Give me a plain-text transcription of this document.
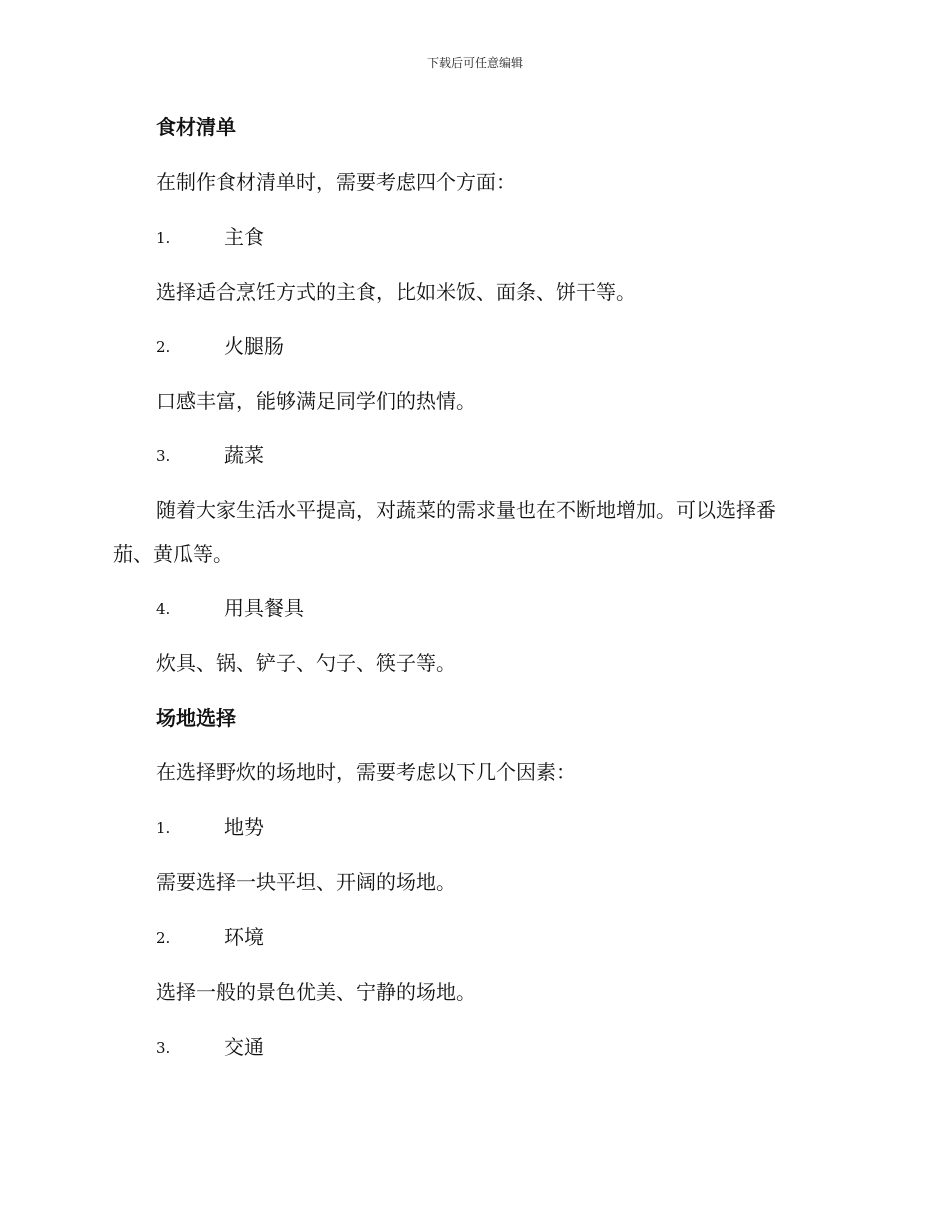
下载后可任意编辑
食材清单
在制作食材清单时，需要考虑四个方面：
1.	主食
选择适合烹饪方式的主食，比如米饭、面条、饼干等。
2.	火腿肠
口感丰富，能够满足同学们的热情。
3.	蔬菜
随着大家生活水平提高，对蔬菜的需求量也在不断地增加。可以选择番
茄、黄瓜等。
4.	用具餐具
炊具、锅、铲子、勺子、筷子等。
场地选择
在选择野炊的场地时，需要考虑以下几个因素：
1.	地势
需要选择一块平坦、开阔的场地。
2.	环境
选择一般的景色优美、宁静的场地。
3.	交通
